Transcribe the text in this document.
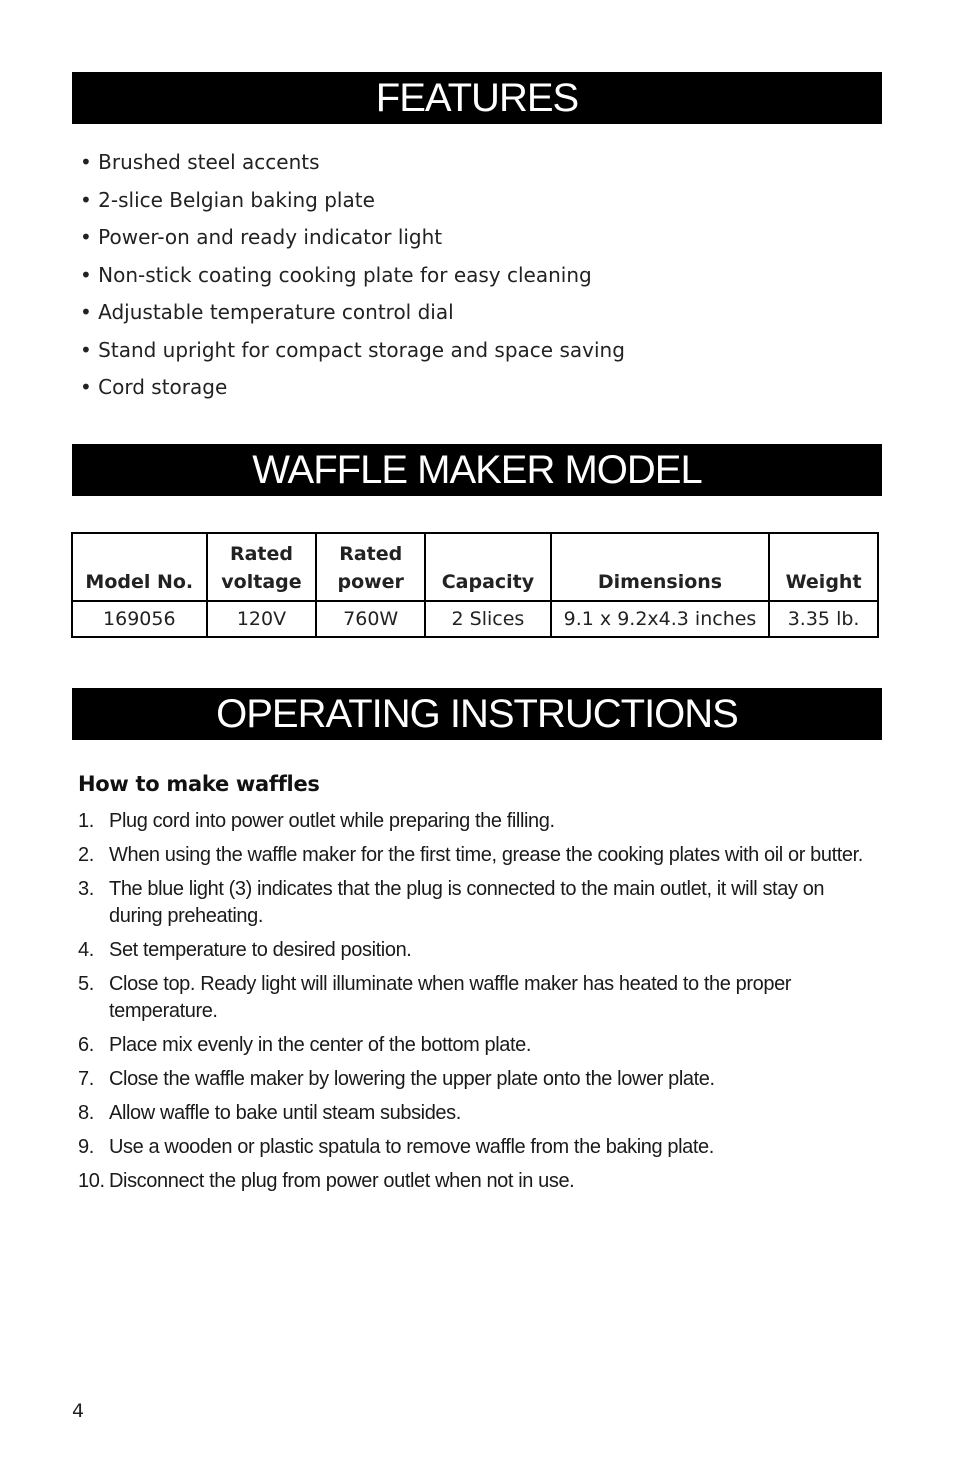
FEATURES
• Brushed steel accents
• 2-slice Belgian baking plate
• Power-on and ready indicator light
• Non-stick coating cooking plate for easy cleaning
• Adjustable temperature control dial
• Stand upright for compact storage and space saving
• Cord storage
WAFFLE MAKER MODEL
Model No.	Rated voltage	Rated power	Capacity	Dimensions	Weight
169056	120V	760W	2 Slices	9.1 x 9.2x4.3 inches	3.35 lb.
OPERATING INSTRUCTIONS
How to make waffles
1. Plug cord into power outlet while preparing the filling.
2. When using the waffle maker for the first time, grease the cooking plates with oil or butter.
3. The blue light (3) indicates that the plug is connected to the main outlet, it will stay on during preheating.
4. Set temperature to desired position.
5. Close top. Ready light will illuminate when waffle maker has heated to the proper temperature.
6. Place mix evenly in the center of the bottom plate.
7. Close the waffle maker by lowering the upper plate onto the lower plate.
8. Allow waffle to bake until steam subsides.
9. Use a wooden or plastic spatula to remove waffle from the baking plate.
10. Disconnect the plug from power outlet when not in use.
4
